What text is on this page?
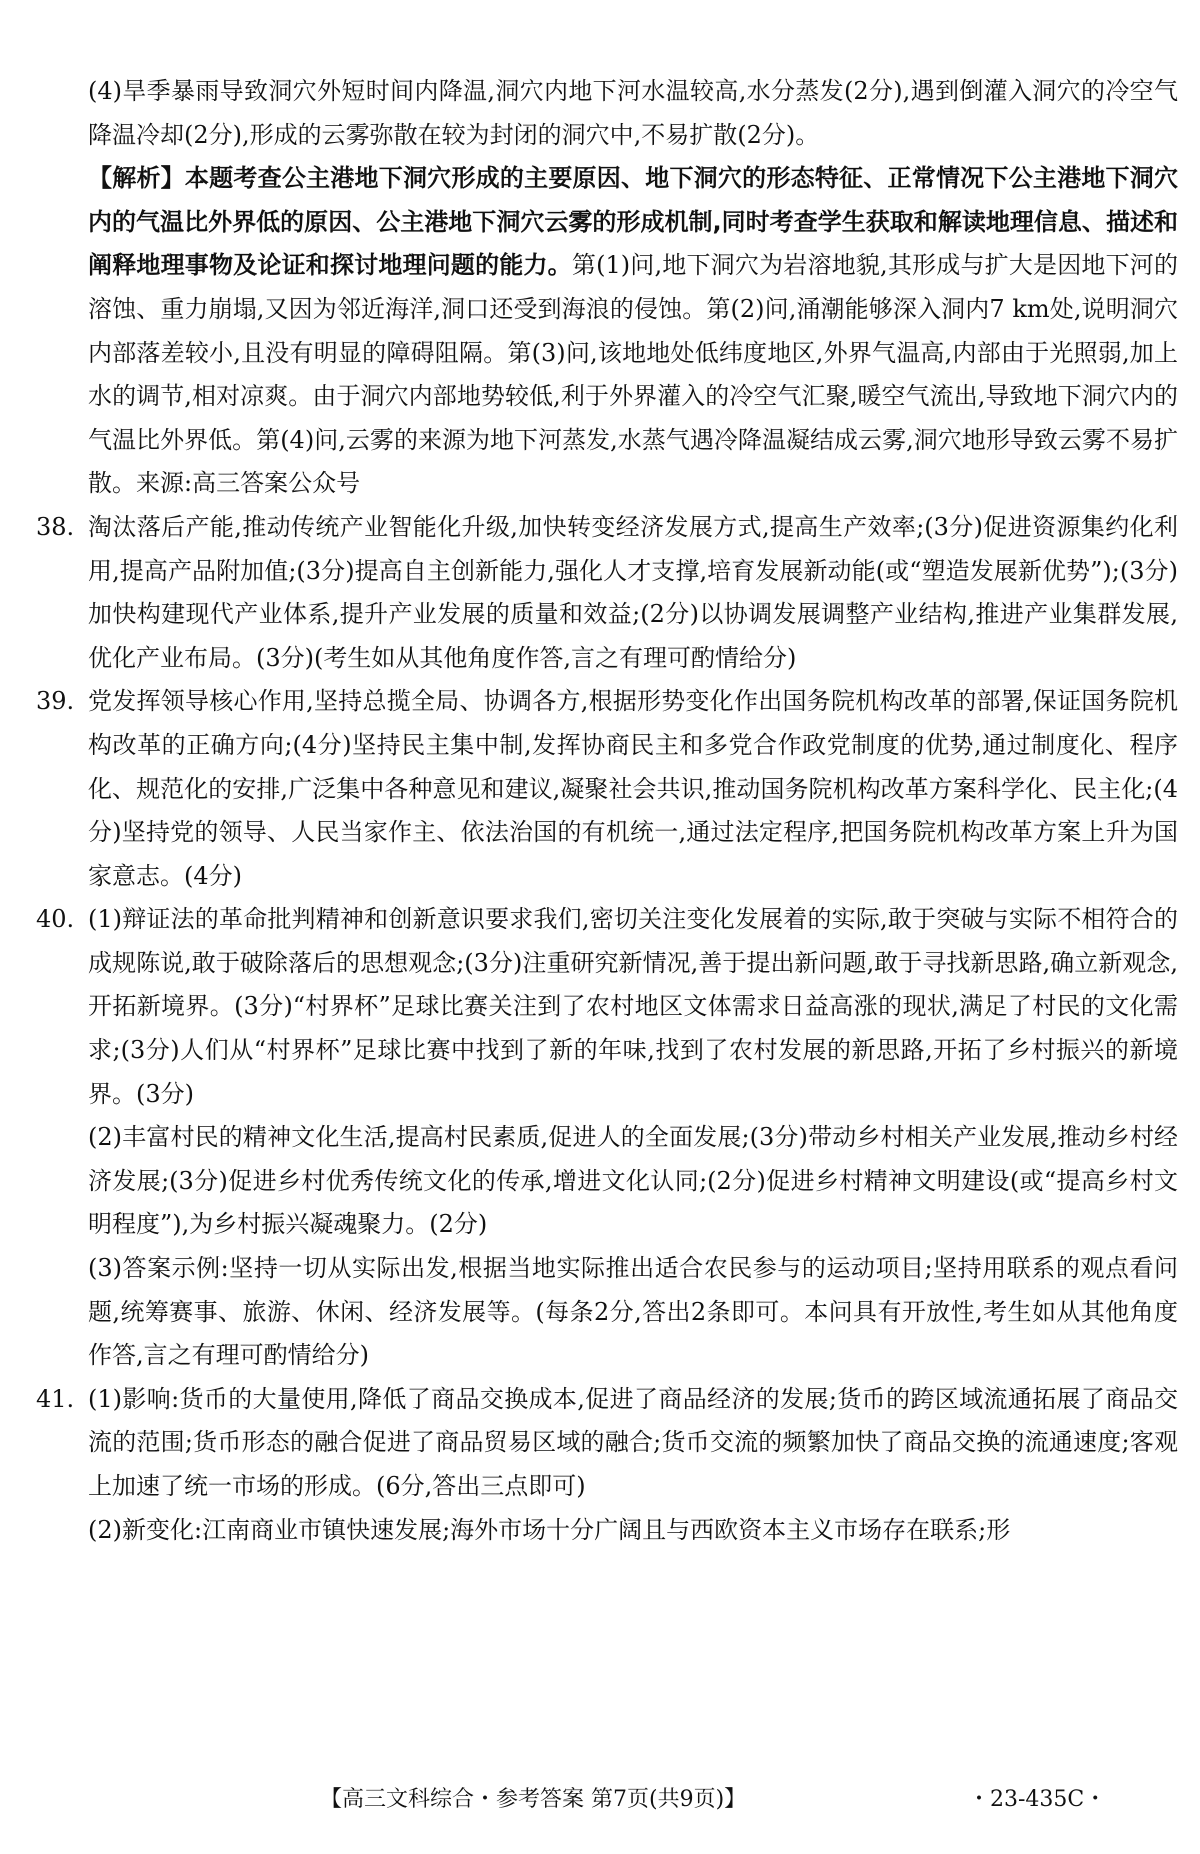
(4)旱季暴雨导致洞穴外短时间内降温,洞穴内地下河水温较高,水分蒸发(2分),遇到倒灌入洞穴的冷空气降温冷却(2分),形成的云雾弥散在较为封闭的洞穴中,不易扩散(2分)。

【解析】本题考查公主港地下洞穴形成的主要原因、地下洞穴的形态特征、正常情况下公主港地下洞穴内的气温比外界低的原因、公主港地下洞穴云雾的形成机制,同时考查学生获取和解读地理信息、描述和阐释地理事物及论证和探讨地理问题的能力。第(1)问,地下洞穴为岩溶地貌,其形成与扩大是因地下河的溶蚀、重力崩塌,又因为邻近海洋,洞口还受到海浪的侵蚀。第(2)问,涌潮能够深入洞内7 km处,说明洞穴内部落差较小,且没有明显的障碍阻隔。第(3)问,该地地处低纬度地区,外界气温高,内部由于光照弱,加上水的调节,相对凉爽。由于洞穴内部地势较低,利于外界灌入的冷空气汇聚,暖空气流出,导致地下洞穴内的气温比外界低。第(4)问,云雾的来源为地下河蒸发,水蒸气遇冷降温凝结成云雾,洞穴地形导致云雾不易扩散。来源:高三答案公众号

38. 淘汰落后产能,推动传统产业智能化升级,加快转变经济发展方式,提高生产效率;(3分)促进资源集约化利用,提高产品附加值;(3分)提高自主创新能力,强化人才支撑,培育发展新动能(或“塑造发展新优势”);(3分)加快构建现代产业体系,提升产业发展的质量和效益;(2分)以协调发展调整产业结构,推进产业集群发展,优化产业布局。(3分)(考生如从其他角度作答,言之有理可酌情给分)

39. 党发挥领导核心作用,坚持总揽全局、协调各方,根据形势变化作出国务院机构改革的部署,保证国务院机构改革的正确方向;(4分)坚持民主集中制,发挥协商民主和多党合作政党制度的优势,通过制度化、程序化、规范化的安排,广泛集中各种意见和建议,凝聚社会共识,推动国务院机构改革方案科学化、民主化;(4分)坚持党的领导、人民当家作主、依法治国的有机统一,通过法定程序,把国务院机构改革方案上升为国家意志。(4分)

40. (1)辩证法的革命批判精神和创新意识要求我们,密切关注变化发展着的实际,敢于突破与实际不相符合的成规陈说,敢于破除落后的思想观念;(3分)注重研究新情况,善于提出新问题,敢于寻找新思路,确立新观念,开拓新境界。(3分)“村界杯”足球比赛关注到了农村地区文体需求日益高涨的现状,满足了村民的文化需求;(3分)人们从“村界杯”足球比赛中找到了新的年味,找到了农村发展的新思路,开拓了乡村振兴的新境界。(3分)

(2)丰富村民的精神文化生活,提高村民素质,促进人的全面发展;(3分)带动乡村相关产业发展,推动乡村经济发展;(3分)促进乡村优秀传统文化的传承,增进文化认同;(2分)促进乡村精神文明建设(或“提高乡村文明程度”),为乡村振兴凝魂聚力。(2分)

(3)答案示例:坚持一切从实际出发,根据当地实际推出适合农民参与的运动项目;坚持用联系的观点看问题,统筹赛事、旅游、休闲、经济发展等。(每条2分,答出2条即可。本问具有开放性,考生如从其他角度作答,言之有理可酌情给分)

41. (1)影响:货币的大量使用,降低了商品交换成本,促进了商品经济的发展;货币的跨区域流通拓展了商品交流的范围;货币形态的融合促进了商品贸易区域的融合;货币交流的频繁加快了商品交换的流通速度;客观上加速了统一市场的形成。(6分,答出三点即可)

(2)新变化:江南商业市镇快速发展;海外市场十分广阔且与西欧资本主义市场存在联系;形

【高三文科综合・参考答案 第7页(共9页)】	・23-435C・
